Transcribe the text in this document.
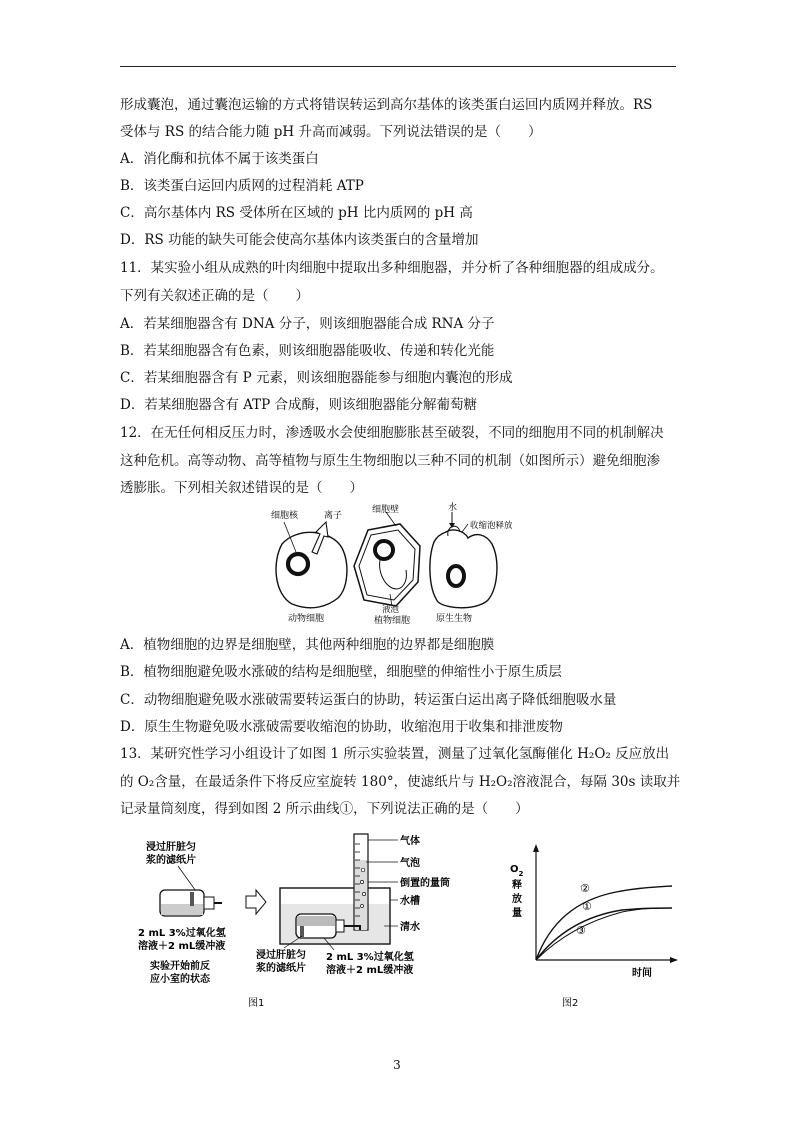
形成囊泡，通过囊泡运输的方式将错误转运到高尔基体的该类蛋白运回内质网并释放。RS
受体与 RS 的结合能力随 pH 升高而减弱。下列说法错误的是（　　）
A．消化酶和抗体不属于该类蛋白
B．该类蛋白运回内质网的过程消耗 ATP
C．高尔基体内 RS 受体所在区域的 pH 比内质网的 pH 高
D．RS 功能的缺失可能会使高尔基体内该类蛋白的含量增加
11．某实验小组从成熟的叶肉细胞中提取出多种细胞器，并分析了各种细胞器的组成成分。
下列有关叙述正确的是（　　）
A．若某细胞器含有 DNA 分子，则该细胞器能合成 RNA 分子
B．若某细胞器含有色素，则该细胞器能吸收、传递和转化光能
C．若某细胞器含有 P 元素，则该细胞器能参与细胞内囊泡的形成
D．若某细胞器含有 ATP 合成酶，则该细胞器能分解葡萄糖
12．在无任何相反压力时，渗透吸水会使细胞膨胀甚至破裂，不同的细胞用不同的机制解决
这种危机。高等动物、高等植物与原生生物细胞以三种不同的机制（如图所示）避免细胞渗
透膨胀。下列相关叙述错误的是（　　）
细胞核	离子
动物细胞
细胞壁
液泡
植物细胞
水
收缩泡释放
原生生物
A．植物细胞的边界是细胞壁，其他两种细胞的边界都是细胞膜
B．植物细胞避免吸水涨破的结构是细胞壁，细胞壁的伸缩性小于原生质层
C．动物细胞避免吸水涨破需要转运蛋白的协助，转运蛋白运出离子降低细胞吸水量
D．原生生物避免吸水涨破需要收缩泡的协助，收缩泡用于收集和排泄废物
13．某研究性学习小组设计了如图 1 所示实验装置，测量了过氧化氢酶催化 H₂O₂ 反应放出
的 O₂含量，在最适条件下将反应室旋转 180°，使滤纸片与 H₂O₂溶液混合，每隔 30s 读取并
记录量筒刻度，得到如图 2 所示曲线①，下列说法正确的是（　　）
浸过肝脏匀
浆的滤纸片
2 mL 3%过氧化氢
溶液＋2 mL缓冲液
实验开始前反
应小室的状态
气体
气泡
倒置的量筒
水槽
清水
浸过肝脏匀
浆的滤纸片
2 mL 3%过氧化氢
溶液＋2 mL缓冲液
图1
$O_2$
释
放
量
时间
②
①
③
图2
3
